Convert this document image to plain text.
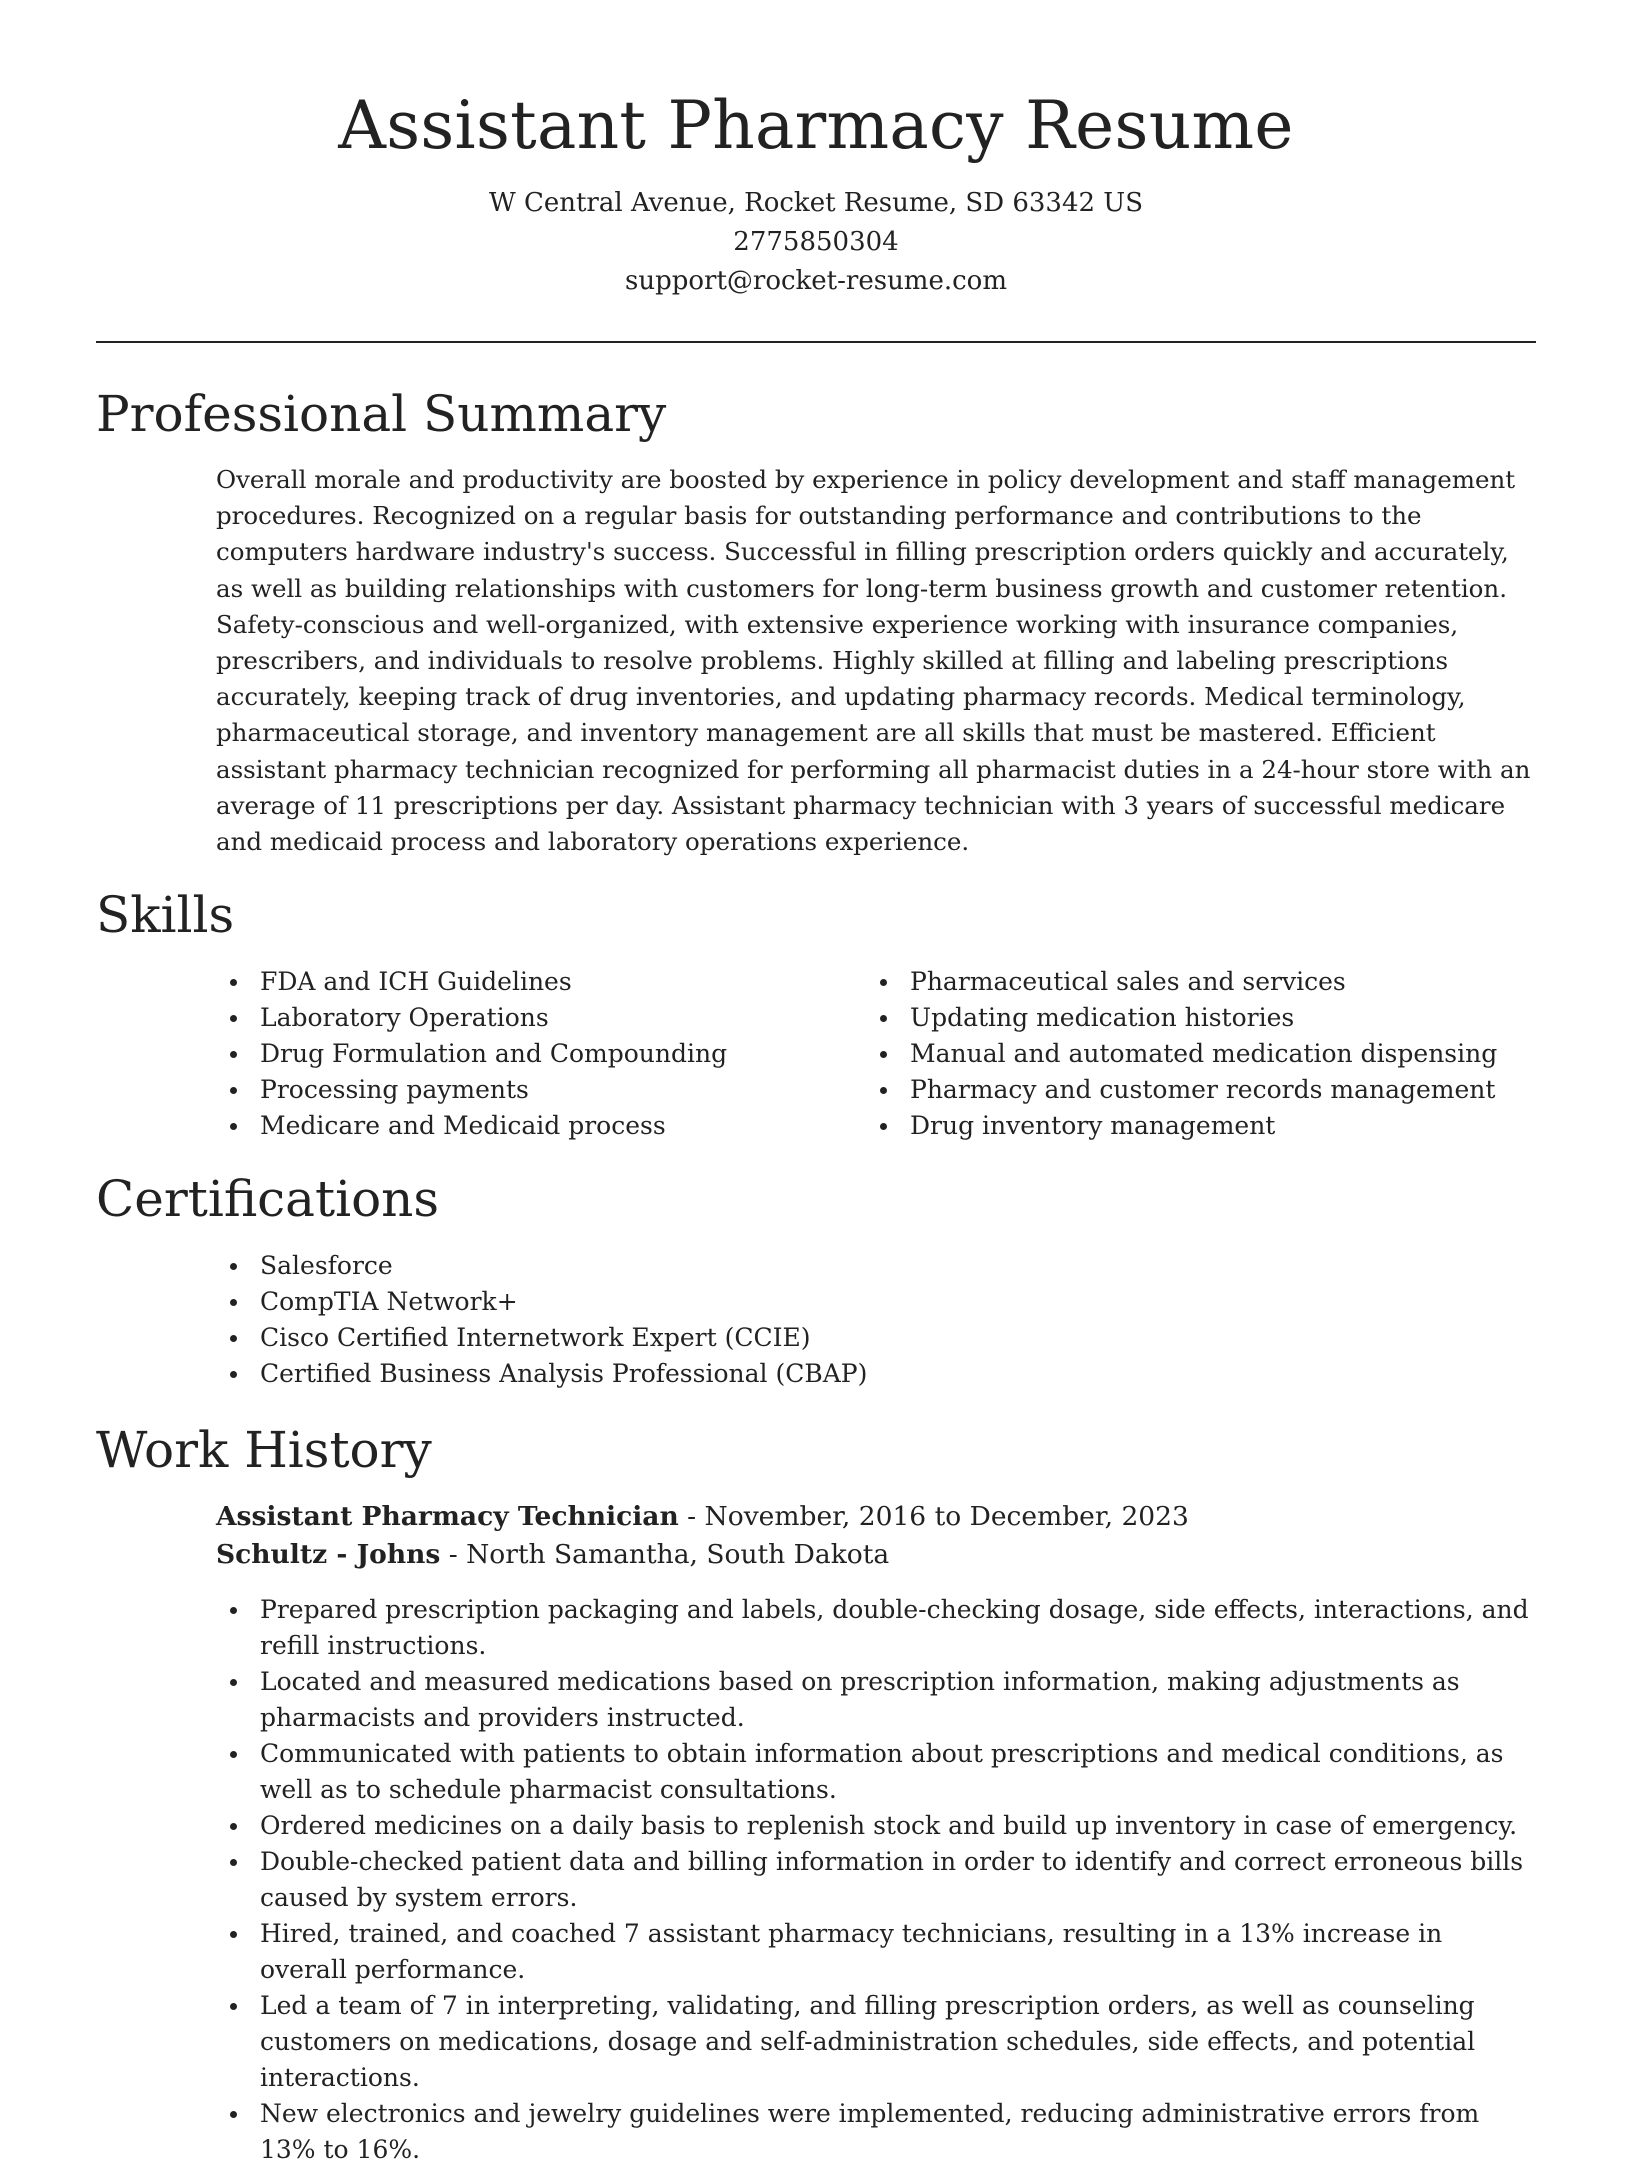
Assistant Pharmacy Resume
W Central Avenue, Rocket Resume, SD 63342 US
2775850304
support@rocket-resume.com
Professional Summary

Overall morale and productivity are boosted by experience in policy development and staff management procedures. Recognized on a regular basis for outstanding performance and contributions to the computers hardware industry's success. Successful in filling prescription orders quickly and accurately, as well as building relationships with customers for long-term business growth and customer retention. Safety-conscious and well-organized, with extensive experience working with insurance companies, prescribers, and individuals to resolve problems. Highly skilled at filling and labeling prescriptions accurately, keeping track of drug inventories, and updating pharmacy records. Medical terminology, pharmaceutical storage, and inventory management are all skills that must be mastered. Efficient assistant pharmacy technician recognized for performing all pharmacist duties in a 24-hour store with an average of 11 prescriptions per day. Assistant pharmacy technician with 3 years of successful medicare and medicaid process and laboratory operations experience.

Skills
FDA and ICH Guidelines
Laboratory Operations
Drug Formulation and Compounding
Processing payments
Medicare and Medicaid process
Pharmaceutical sales and services
Updating medication histories
Manual and automated medication dispensing
Pharmacy and customer records management
Drug inventory management
Certifications
Salesforce
CompTIA Network+
Cisco Certified Internetwork Expert (CCIE)
Certified Business Analysis Professional (CBAP)
Work History
Assistant Pharmacy Technician - November, 2016 to December, 2023
Schultz - Johns - North Samantha, South Dakota
Prepared prescription packaging and labels, double-checking dosage, side effects, interactions, and refill instructions.
Located and measured medications based on prescription information, making adjustments as pharmacists and providers instructed.
Communicated with patients to obtain information about prescriptions and medical conditions, as well as to schedule pharmacist consultations.
Ordered medicines on a daily basis to replenish stock and build up inventory in case of emergency.
Double-checked patient data and billing information in order to identify and correct erroneous bills caused by system errors.
Hired, trained, and coached 7 assistant pharmacy technicians, resulting in a 13% increase in overall performance.
Led a team of 7 in interpreting, validating, and filling prescription orders, as well as counseling customers on medications, dosage and self-administration schedules, side effects, and potential interactions.
New electronics and jewelry guidelines were implemented, reducing administrative errors from 13% to 16%.
